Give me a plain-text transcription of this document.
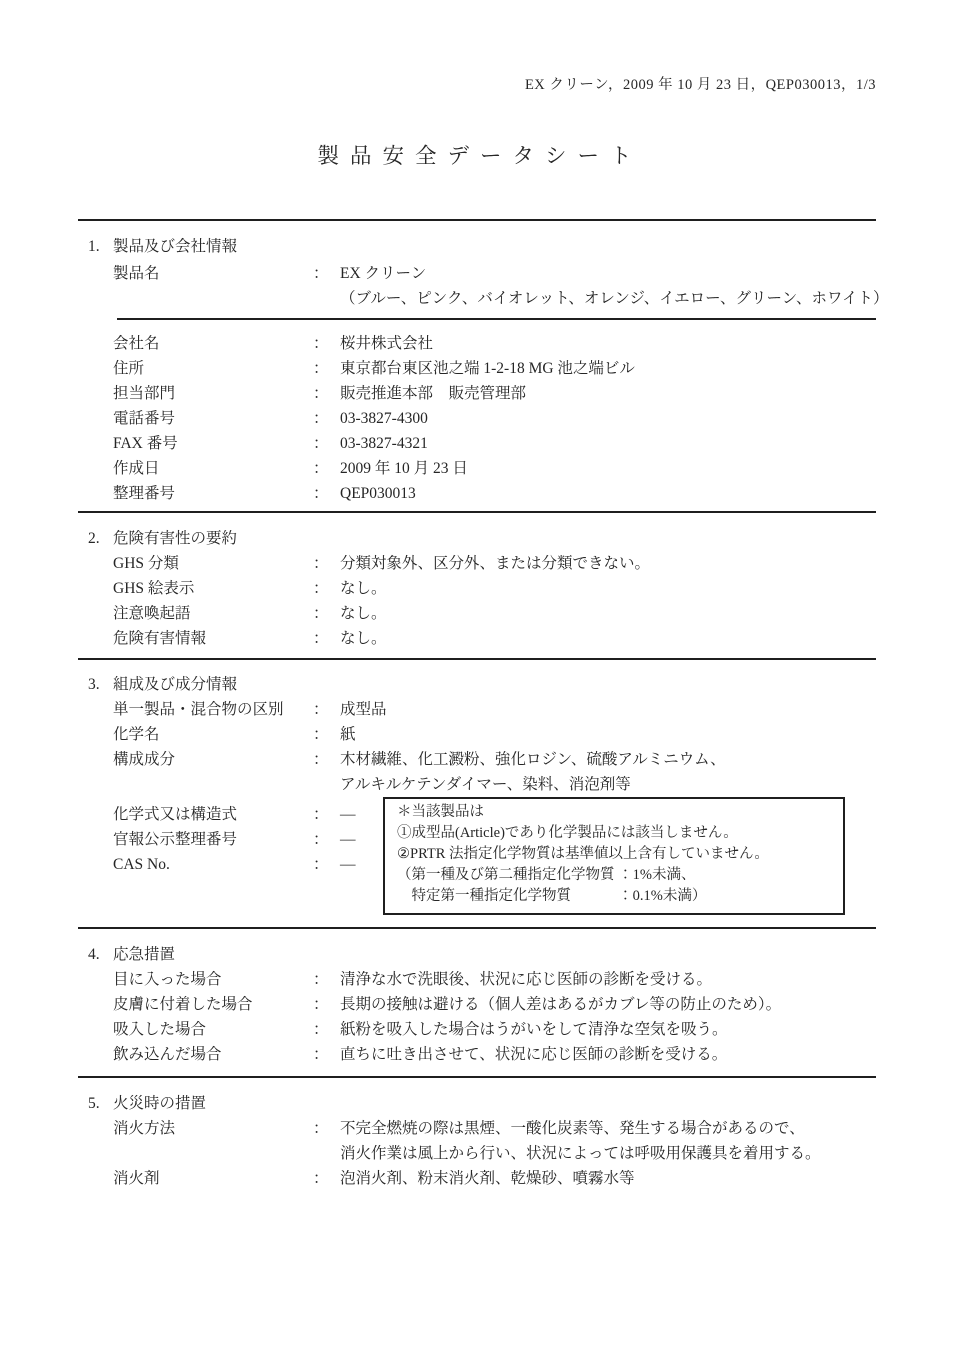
EX クリーン，2009 年 10 月 23 日，QEP030013，1/3
製品安全データシート
1. 製品及び会社情報
製品名	： EX クリーン
（ブルー、ピンク、バイオレット、オレンジ、イエロー、グリーン、ホワイト）
会社名	： 桜井株式会社
住所	： 東京都台東区池之端 1-2-18 MG 池之端ビル
担当部門	： 販売推進本部　販売管理部
電話番号	： 03-3827-4300
FAX 番号	： 03-3827-4321
作成日	： 2009 年 10 月 23 日
整理番号	： QEP030013
2. 危険有害性の要約
GHS 分類	： 分類対象外、区分外、または分類できない。
GHS 絵表示	： なし。
注意喚起語	： なし。
危険有害情報	： なし。
3. 組成及び成分情報
単一製品・混合物の区別	： 成型品
化学名	： 紙
構成成分	： 木材繊維、化工澱粉、強化ロジン、硫酸アルミニウム、
アルキルケテンダイマー、染料、消泡剤等
化学式又は構造式	： —
官報公示整理番号	： —
CAS No.	： —
＊当該製品は
①成型品(Article)であり化学製品には該当しません。
②PRTR 法指定化学物質は基準値以上含有していません。
（第一種及び第二種指定化学物質 ：1%未満、
　特定第一種指定化学物質　　　 ：0.1%未満）
4. 応急措置
目に入った場合	： 清浄な水で洗眼後、状況に応じ医師の診断を受ける。
皮膚に付着した場合	： 長期の接触は避ける（個人差はあるがカブレ等の防止のため）。
吸入した場合	： 紙粉を吸入した場合はうがいをして清浄な空気を吸う。
飲み込んだ場合	： 直ちに吐き出させて、状況に応じ医師の診断を受ける。
5. 火災時の措置
消火方法	： 不完全燃焼の際は黒煙、一酸化炭素等、発生する場合があるので、
消火作業は風上から行い、状況によっては呼吸用保護具を着用する。
消火剤	： 泡消火剤、粉末消火剤、乾燥砂、噴霧水等
